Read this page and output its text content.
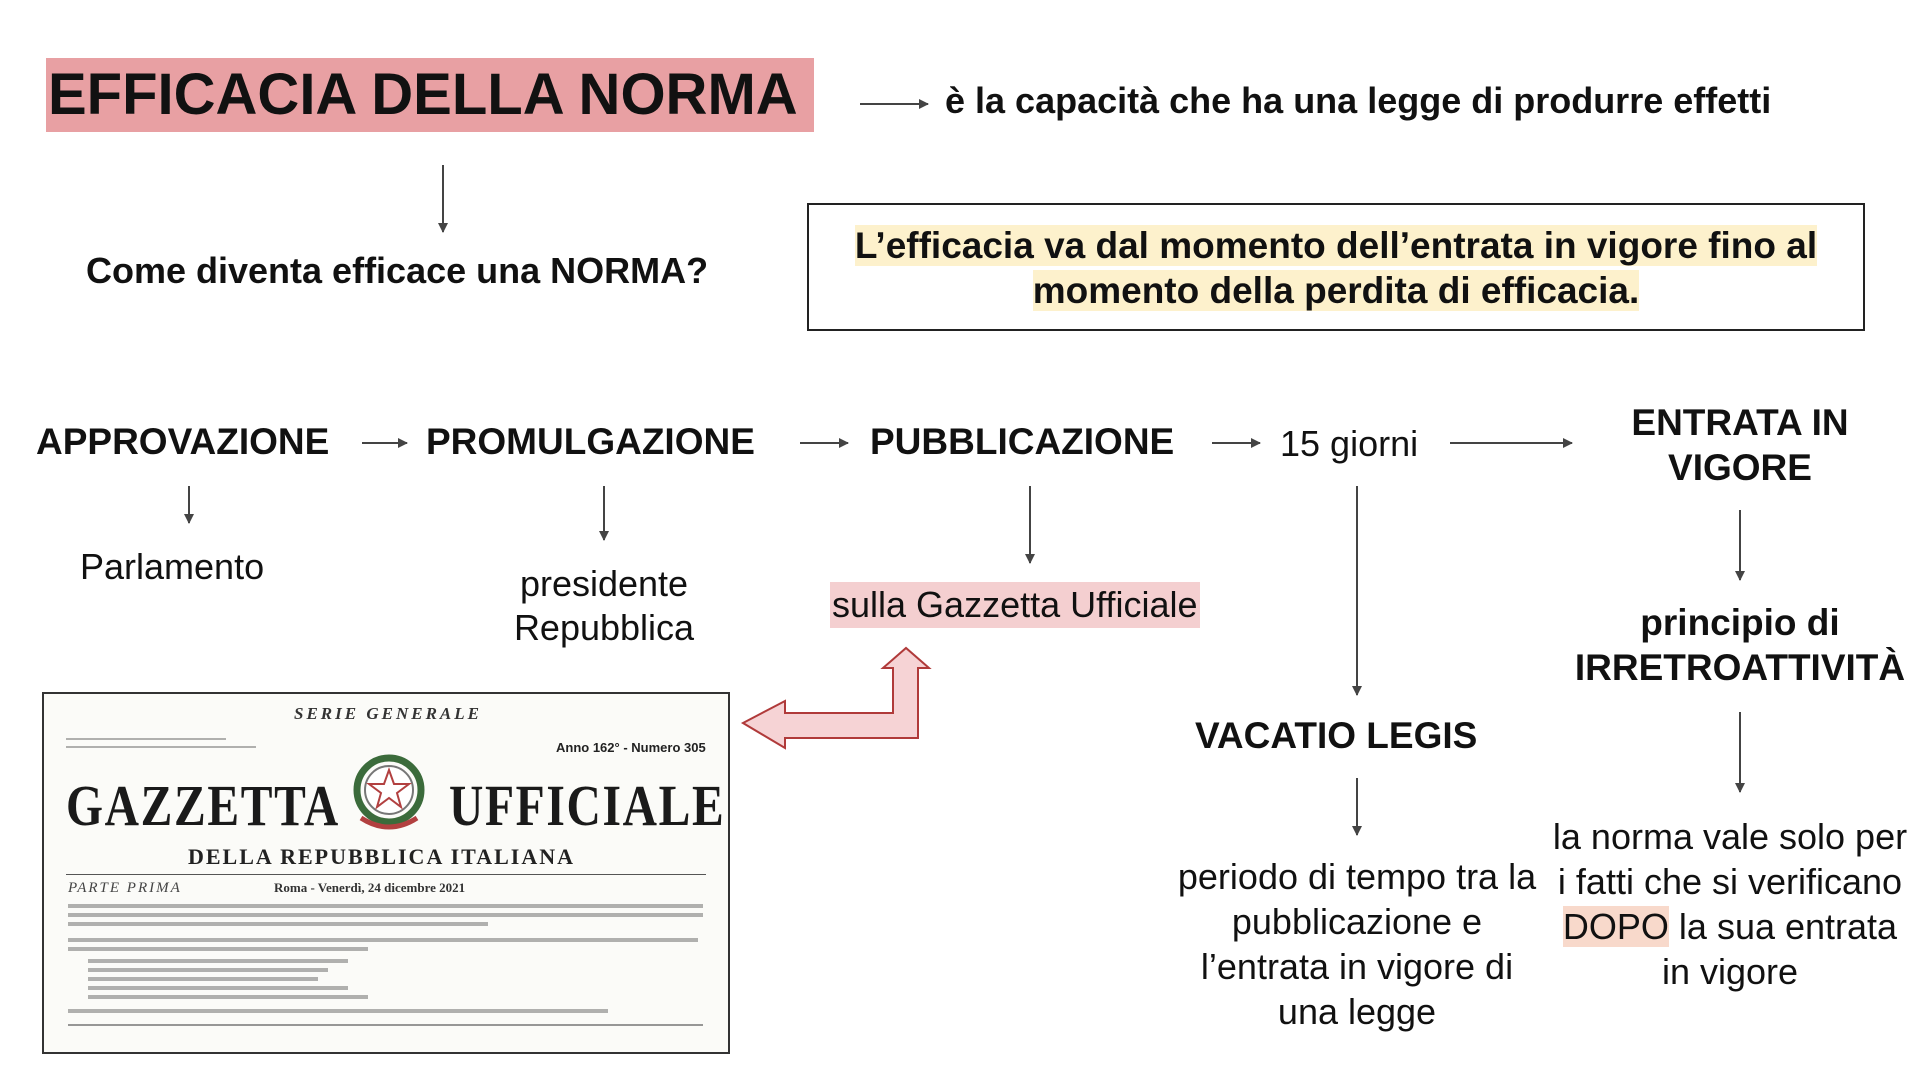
EFFICACIA DELLA NORMA	è la capacità che ha una legge di produrre effetti
Come diventa efficace una NORMA?
L’efficacia va dal momento dell’entrata in vigore fino al
momento della perdita di efficacia.
APPROVAZIONE
Parlamento
PROMULGAZIONE
presidente
Repubblica
PUBBLICAZIONE
sulla Gazzetta Ufficiale
15 giorni
ENTRATA IN
VIGORE
VACATIO LEGIS
periodo di tempo tra la
pubblicazione e
l’entrata in vigore di
una legge
principio di
IRRETROATTIVITÀ
la norma vale solo per
i fatti che si verificano
DOPO la sua entrata
in vigore
SERIE GENERALE
Anno 162° - Numero 305
GAZZETTA UFFICIALE
DELLA REPUBBLICA ITALIANA
PARTE PRIMA	Roma - Venerdì, 24 dicembre 2021
